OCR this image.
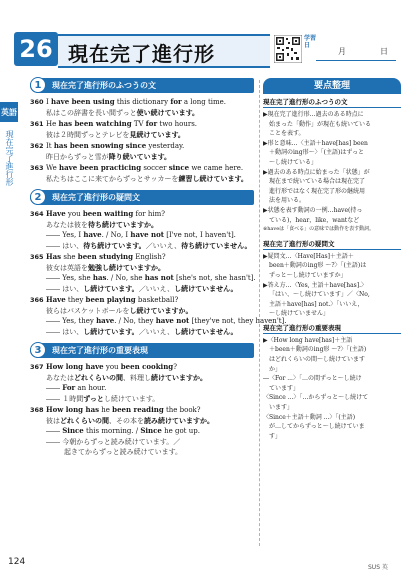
26 現在完了進行形
学習日
月	日
英語
現在完了進行形
1	現在完了進行形のふつうの文
360 I have been using this dictionary for a long time.
私はこの辞書を長い間ずっと使い続けています。
361 He has been watching TV for two hours.
彼は２時間ずっとテレビを見続けています。
362 It has been snowing since yesterday.
昨日からずっと雪が降り続いています。
363 We have been practicing soccer since we came here.
私たちはここに来てからずっとサッカーを練習し続けています。
2	現在完了進行形の疑問文
364 Have you been waiting for him?
あなたは彼を待ち続けていますか。
―― Yes, I have. / No, I have not [I've not, I haven't].
―― はい、待ち続けています。／いいえ、待ち続けていません。
365 Has she been studying English?
彼女は英語を勉強し続けていますか。
―― Yes, she has. / No, she has not [she's not, she hasn't].
―― はい、し続けています。／いいえ、し続けていません。
366 Have they been playing basketball?
彼らはバスケットボールをし続けていますか。
―― Yes, they have. / No, they have not [they've not, they haven't].
―― はい、し続けています。／いいえ、し続けていません。
3	現在完了進行形の重要表現
367 How long have you been cooking?
あなたはどれくらいの間、料理し続けていますか。
―― For an hour.
―― １時間ずっとし続けています。
368 How long has he been reading the book?
彼はどれくらいの間、その本を読み続けていますか。
―― Since this morning. / Since he got up.
―― 今朝からずっと読み続けています。／
起きてからずっと読み続けています。
要点整理
現在完了進行形のふつうの文
▶現在完了進行形…過去のある時点に
始まった「動作」が現在も続いている
ことを表す。
▶形と意味…〈主語＋have[has] been
＋動詞のing形～〉「(主語)はずっと
～し続けている」
▶過去のある時点に始まった「状態」が
現在まで続いている場合は現在完了
進行形ではなく現在完了形の継続用
法を用いる。
▶状態を表す動詞の一例…have(持っ
ている)，hear，like，wantなど
※haveは「食べる」の意味では動作を表す動詞。
現在完了進行形の疑問文
▶疑問文…〈Have[Has]＋主語＋
been＋動詞のing形 ～?〉「(主語)は
ずっと～し続けていますか」
▶答え方…〈Yes, 主語＋have[has].〉
「はい、～し続けています」／〈No,
主語＋have[has] not.〉「いいえ，
～し続けていません」
現在完了進行形の重要表現
▶〈How long have[has]＋主語
＋been＋動詞のing形 ～?〉「(主語)
はどれくらいの間～し続けています
か」
―〈For ...〉「…の間ずっと～し続け
ています」
〈Since ...〉「…からずっと～し続けて
います」
〈Since＋主語＋動詞 ...〉「(主語)
が…してからずっと～し続けていま
す」
124
SUS 英
